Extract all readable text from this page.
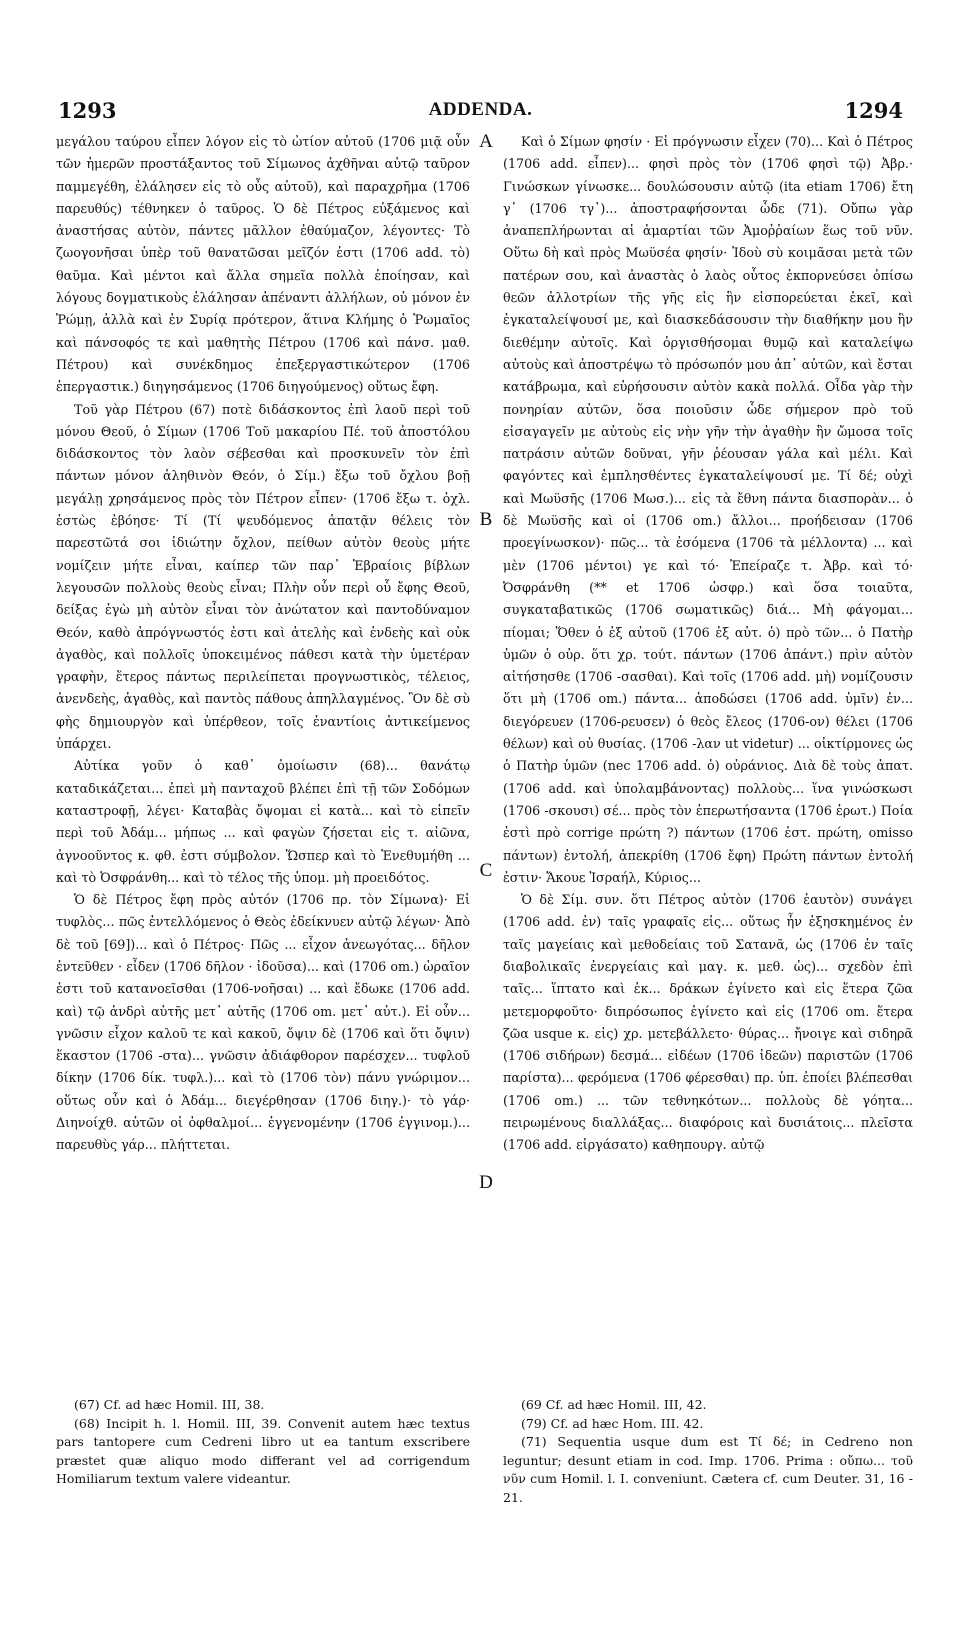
1293	ADDENDA.	1294

μεγάλου ταύρου εἶπεν λόγον εἰς τὸ ὠτίον αὐτοῦ (1706 μιᾷ οὖν τῶν ἡμερῶν προστάξαντος τοῦ Σίμωνος ἀχθῆναι αὐτῷ ταῦρον παμμεγέθη, ἐλάλησεν εἰς τὸ οὖς αὐτοῦ), καὶ παραχρῆμα (1706 παρευθύς) τέθνηκεν ὁ ταῦρος. Ὁ δὲ Πέτρος εὐξάμενος καὶ ἀναστήσας αὐτὸν, πάντες μᾶλλον ἐθαύμαζον, λέγοντες· Τὸ ζωογονῆσαι ὑπὲρ τοῦ θανατῶσαι μεῖζόν ἐστι (1706 add. τὸ) θαῦμα. Καὶ μέντοι καὶ ἄλλα σημεῖα πολλὰ ἐποίησαν, καὶ λόγους δογματικοὺς ἐλάλησαν ἀπέναντι ἀλλήλων, οὐ μόνον ἐν Ῥώμῃ, ἀλλὰ καὶ ἐν Συρίᾳ πρότερον, ἅτινα Κλήμης ὁ Ῥωμαῖος καὶ πάνσοφός τε καὶ μαθητὴς Πέτρου (1706 καὶ πάνσ. μαθ. Πέτρου) καὶ συνέκδημος ἐπεξεργαστικώτερον (1706 ἐπεργαστικ.) διηγησάμενος (1706 διηγούμενος) οὕτως ἔφη.

Τοῦ γὰρ Πέτρου (67) ποτὲ διδάσκοντος ἐπὶ λαοῦ περὶ τοῦ μόνου Θεοῦ, ὁ Σίμων (1706 Τοῦ μακαρίου Πέ. τοῦ ἀποστόλου διδάσκοντος τὸν λαὸν σέβεσθαι καὶ προσκυνεῖν τὸν ἐπὶ πάντων μόνον ἀληθινὸν Θεόν, ὁ Σίμ.) ἔξω τοῦ ὄχλου βοῇ μεγάλῃ χρησάμενος πρὸς τὸν Πέτρον εἶπεν· (1706 ἔξω τ. ὀχλ. ἑστὼς ἐβόησε· Τί (Τί ψευδόμενος ἀπατᾷν θέλεις τὸν παρεστῶτά σοι ἰδιώτην ὄχλον, πείθων αὐτὸν θεοὺς μήτε νομίζειν μήτε εἶναι, καίπερ τῶν παρ᾽ Ἑβραίοις βίβλων λεγουσῶν πολλοὺς θεοὺς εἶναι; Πλὴν οὖν περὶ οὗ ἔφης Θεοῦ, δείξας ἐγὼ μὴ αὐτὸν εἶναι τὸν ἀνώτατον καὶ παντοδύναμον Θεόν, καθὸ ἀπρόγνωστός ἐστι καὶ ἀτελὴς καὶ ἐνδεὴς καὶ οὐκ ἀγαθὸς, καὶ πολλοῖς ὑποκειμένος πάθεσι κατὰ τὴν ὑμετέραν γραφὴν, ἕτερος πάντως περιλείπεται προγνωστικὸς, τέλειος, ἀνενδεὴς, ἀγαθὸς, καὶ παντὸς πάθους ἀπηλλαγμένος. Ὃν δὲ σὺ φὴς δημιουργὸν καὶ ὑπέρθεον, τοῖς ἐναντίοις ἀντικείμενος ὑπάρχει.

Αὐτίκα γοῦν ὁ καθ᾽ ὁμοίωσιν (68)... θανάτῳ καταδικάζεται... ἐπεὶ μὴ πανταχοῦ βλέπει ἐπὶ τῇ τῶν Σοδόμων καταστροφῇ, λέγει· Καταβὰς ὄψομαι εἰ κατὰ... καὶ τὸ εἰπεῖν περὶ τοῦ Ἀδάμ... μήπως ... καὶ φαγὼν ζήσεται εἰς τ. αἰῶνα, ἀγνοοῦντος κ. φθ. ἐστι σύμβολον. Ὥσπερ καὶ τὸ Ἐνεθυμήθη ... καὶ τὸ Ὀσφράνθη... καὶ τὸ τέλος τῆς ὑπομ. μὴ προειδότος.

Ὁ δὲ Πέτρος ἔφη πρὸς αὐτόν (1706 πρ. τὸν Σίμωνα)· Εἰ τυφλὸς... πῶς ἐντελλόμενος ὁ Θεὸς ἐδείκνυεν αὐτῷ λέγων· Ἀπὸ δὲ τοῦ [69])... καὶ ὁ Πέτρος· Πῶς ... εἶχον ἀνεωγότας... δῆλον ἐντεῦθεν · εἶδεν (1706 δῆλον · ἰδοῦσα)... καὶ (1706 om.) ὡραῖον ἐστι τοῦ κατανοεῖσθαι (1706-νοῆσαι) ... καὶ ἔδωκε (1706 add. καὶ) τῷ ἀνδρὶ αὐτῆς μετ᾽ αὐτῆς (1706 om. μετ᾽ αὐτ.). Εἰ οὖν... γνῶσιν εἶχον καλοῦ τε καὶ κακοῦ, ὄψιν δὲ (1706 καὶ ὅτι ὄψιν) ἕκαστον (1706 -στα)... γνῶσιν ἀδιάφθορον παρέσχεν... τυφλοῦ δίκην (1706 δίκ. τυφλ.)... καὶ τὸ (1706 τὸν) πάνυ γνώριμον... οὕτως οὖν καὶ ὁ Ἀδάμ... διεγέρθησαν (1706 διηγ.)· τὸ γάρ· Διηνοίχθ. αὐτῶν οἱ ὀφθαλμοί... ἐγγενομένην (1706 ἐγγινομ.)... παρευθὺς γάρ... πλήττεται.

Καὶ ὁ Σίμων φησίν · Εἰ πρόγνωσιν εἶχεν (70)... Καὶ ὁ Πέτρος (1706 add. εἶπεν)... φησὶ πρὸς τὸν (1706 φησὶ τῷ) Ἀβρ.· Γινώσκων γίνωσκε... δουλώσουσιν αὐτῷ (ita etiam 1706) ἔτη γ᾽ (1706 τγ᾽)... ἀποστραφήσονται ὧδε (71). Οὔπω γὰρ ἀναπεπλήρωνται αἱ ἁμαρτίαι τῶν Ἀμοῤῥαίων ἕως τοῦ νῦν. Οὕτω δὴ καὶ πρὸς Μωϋσέα φησίν· Ἰδοὺ σὺ κοιμᾶσαι μετὰ τῶν πατέρων σου, καὶ ἀναστὰς ὁ λαὸς οὗτος ἐκπορνεύσει ὀπίσω θεῶν ἀλλοτρίων τῆς γῆς εἰς ἣν εἰσπορεύεται ἐκεῖ, καὶ ἐγκαταλείψουσί με, καὶ διασκεδάσουσιν τὴν διαθήκην μου ἣν διεθέμην αὐτοῖς. Καὶ ὀργισθήσομαι θυμῷ καὶ καταλείψω αὐτοὺς καὶ ἀποστρέψω τὸ πρόσωπόν μου ἀπ᾽ αὐτῶν, καὶ ἔσται κατάβρωμα, καὶ εὑρήσουσιν αὐτὸν κακὰ πολλά. Οἶδα γὰρ τὴν πονηρίαν αὐτῶν, ὅσα ποιοῦσιν ὧδε σήμερον πρὸ τοῦ εἰσαγαγεῖν με αὐτοὺς εἰς νὴν γῆν τὴν ἀγαθὴν ἣν ὤμοσα τοῖς πατράσιν αὐτῶν δοῦναι, γῆν ῥέουσαν γάλα καὶ μέλι. Καὶ φαγόντες καὶ ἐμπλησθέντες ἐγκαταλείψουσί με. Τί δέ; οὐχὶ καὶ Μωϋσῆς (1706 Μωσ.)... εἰς τὰ ἔθνη πάντα διασπορὰν... ὁ δὲ Μωϋσῆς καὶ οἱ (1706 om.) ἄλλοι... προήδεισαν (1706 προεγίνωσκον)· πῶς... τὰ ἐσόμενα (1706 τὰ μέλλοντα) ... καὶ μὲν (1706 μέντοι) γε καὶ τό· Ἐπείραζε τ. Ἀβρ. καὶ τό· Ὀσφράνθη (** et 1706 ὠσφρ.) καὶ ὅσα τοιαῦτα, συγκαταβατικῶς (1706 σωματικῶς) διά... Μὴ φάγομαι... πίομαι; Ὅθεν ὁ ἐξ αὐτοῦ (1706 ἐξ αὐτ. ὁ) πρὸ τῶν... ὁ Πατὴρ ὑμῶν ὁ οὐρ. ὅτι χρ. τούτ. πάντων (1706 ἁπάντ.) πρὶν αὐτὸν αἰτήσησθε (1706 -σασθαι). Καὶ τοῖς (1706 add. μὴ) νομίζουσιν ὅτι μὴ (1706 om.) πάντα... ἀποδώσει (1706 add. ὑμῖν) ἐν... διεγόρευεν (1706-ρευσεν) ὁ θεὸς ἔλεος (1706-ον) θέλει (1706 θέλων) καὶ οὐ θυσίας. (1706 -λαν ut videtur) ... οἰκτίρμονες ὡς ὁ Πατὴρ ὑμῶν (nec 1706 add. ὁ) οὐράνιος. Διὰ δὲ τοὺς ἀπατ. (1706 add. καὶ ὑπολαμβάνοντας) πολλοὺς... ἵνα γινώσκωσι (1706 -σκουσι) σέ... πρὸς τὸν ἐπερωτήσαντα (1706 ἐρωτ.) Ποία ἐστὶ πρὸ corrige πρώτη ?) πάντων (1706 ἐστ. πρώτη, omisso πάντων) ἐντολή, ἀπεκρίθη (1706 ἔφη) Πρώτη πάντων ἐντολή ἐστιν· Ἄκουε Ἰσραήλ, Κύριος...

Ὁ δὲ Σίμ. συν. ὅτι Πέτρος αὐτὸν (1706 ἑαυτὸν) συνάγει (1706 add. ἐν) ταῖς γραφαῖς εἰς... οὕτως ἦν ἐξησκημένος ἐν ταῖς μαγείαις καὶ μεθοδείαις τοῦ Σατανᾶ, ὡς (1706 ἐν ταῖς διαβολικαῖς ἐνεργείαις καὶ μαγ. κ. μεθ. ὡς)... σχεδὸν ἐπὶ ταῖς... ἵπτατο καὶ ἐκ... δράκων ἐγίνετο καὶ εἰς ἕτερα ζῶα μετεμορφοῦτο· διπρόσωπος ἐγίνετο καὶ εἰς (1706 om. ἕτερα ζῶα usque κ. εἰς) χρ. μετεβάλλετο· θύρας... ἤνοιγε καὶ σιδηρᾶ (1706 σιδήρων) δεσμά... εἰδέων (1706 ἰδεῶν) παριστῶν (1706 παρίστα)... φερόμενα (1706 φέρεσθαι) πρ. ὑπ. ἐποίει βλέπεσθαι (1706 om.) ... τῶν τεθνηκότων... πολλοὺς δὲ γόητα... πειρωμένους διαλλάξας... διαφόροις καὶ δυσιάτοις... πλεῖστα (1706 add. εἰργάσατο) καθηπουργ. αὐτῷ

A
B
C
D

(67) Cf. ad hæc Homil. III, 38.

(68) Incipit h. l. Homil. III, 39. Convenit autem hæc textus pars tantopere cum Cedreni libro ut ea tantum exscribere præstet quæ aliquo modo differant vel ad corrigendum Homiliarum textum valere videantur.

(69 Cf. ad hæc Homil. III, 42.

(79) Cf. ad hæc Hom. III. 42.

(71) Sequentia usque dum est Τί δέ; in Cedreno non leguntur; desunt etiam in cod. Imp. 1706. Prima : οὔπω... τοῦ νῦν cum Homil. l. I. conveniunt. Cætera cf. cum Deuter. 31, 16 - 21.
